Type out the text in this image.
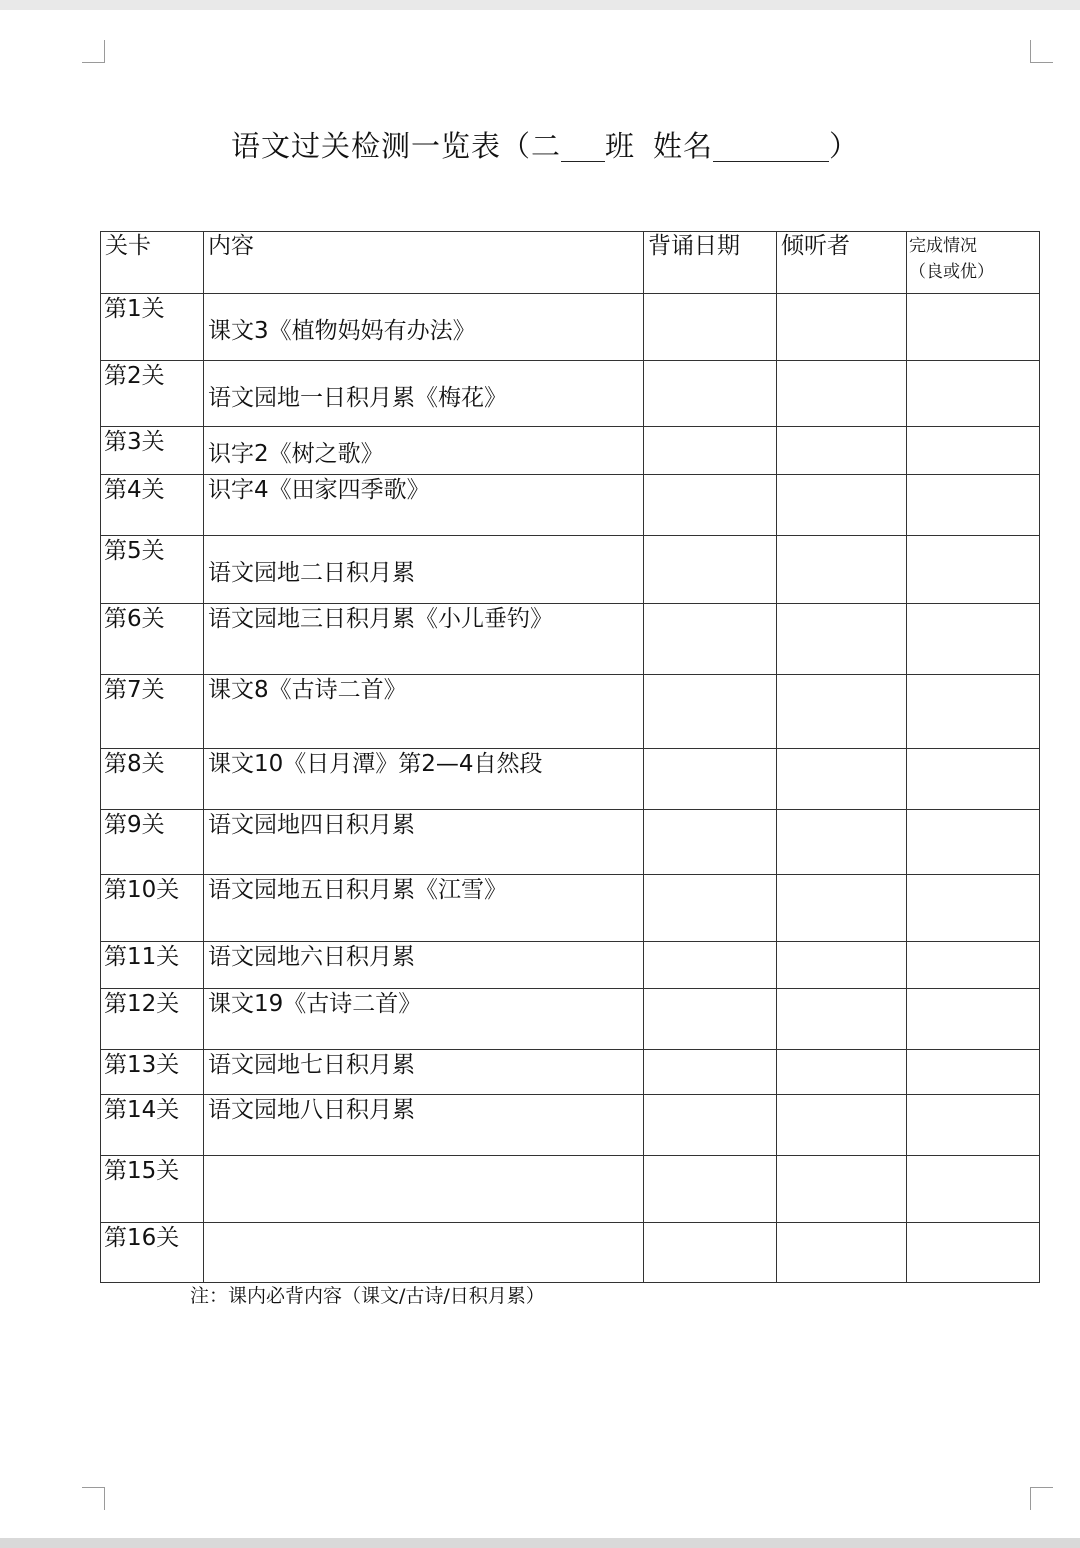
语文过关检测一览表（二 班 姓名	）
关卡	内容	背诵日期	倾听者	完成情况
（良或优）

第1关	课文3《植物妈妈有办法》			

第2关	语文园地一日积月累《梅花》			

第3关	识字2《树之歌》			

第4关	识字4《田家四季歌》			

第5关	语文园地二日积月累			

第6关	语文园地三日积月累《小儿垂钓》			

第7关	课文8《古诗二首》			

第8关	课文10《日月潭》第2—4自然段			

第9关	语文园地四日积月累			

第10关	语文园地五日积月累《江雪》			

第11关	语文园地六日积月累			

第12关	课文19《古诗二首》			

第13关	语文园地七日积月累			

第14关	语文园地八日积月累			

第15关				

第16关				

注：课内必背内容（课文/古诗/日积月累）
